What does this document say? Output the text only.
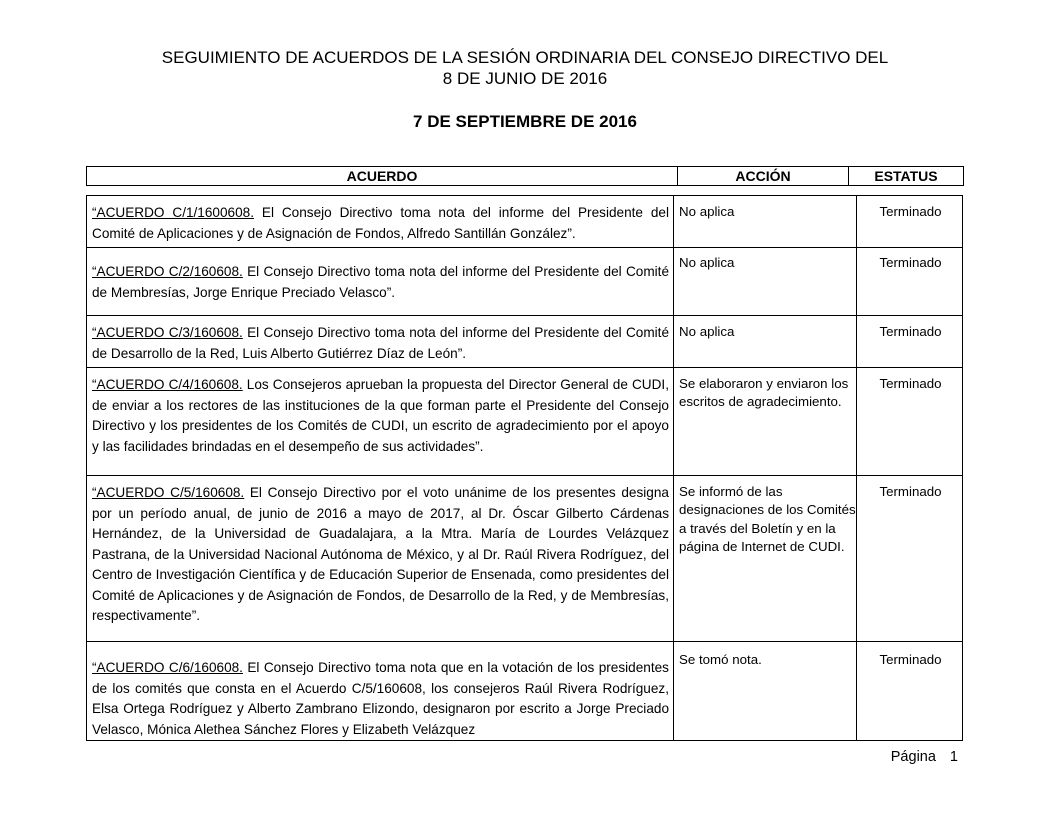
SEGUIMIENTO DE ACUERDOS DE LA SESIÓN ORDINARIA DEL CONSEJO DIRECTIVO DEL
8 DE JUNIO DE 2016
7 DE SEPTIEMBRE DE 2016
ACUERDO	ACCIÓN	ESTATUS
“ACUERDO C/1/1600608. El Consejo Directivo toma nota del informe del Presidente del Comité de Aplicaciones y de Asignación de Fondos, Alfredo Santillán González”.
No aplica	Terminado
“ACUERDO C/2/160608. El Consejo Directivo toma nota del informe del Presidente del Comité de Membresías, Jorge Enrique Preciado Velasco”.
No aplica	Terminado
“ACUERDO C/3/160608. El Consejo Directivo toma nota del informe del Presidente del Comité de Desarrollo de la Red, Luis Alberto Gutiérrez Díaz de León”.
No aplica	Terminado
“ACUERDO C/4/160608. Los Consejeros aprueban la propuesta del Director General de CUDI, de enviar a los rectores de las instituciones de la que forman parte el Presidente del Consejo Directivo y los presidentes de los Comités de CUDI, un escrito de agradecimiento por el apoyo y las facilidades brindadas en el desempeño de sus actividades”.
Se elaboraron y enviaron los escritos de agradecimiento.
Terminado
“ACUERDO C/5/160608. El Consejo Directivo por el voto unánime de los presentes designa por un período anual, de junio de 2016 a mayo de 2017, al Dr. Óscar Gilberto Cárdenas Hernández, de la Universidad de Guadalajara, a la Mtra. María de Lourdes Velázquez Pastrana, de la Universidad Nacional Autónoma de México, y al Dr. Raúl Rivera Rodríguez, del Centro de Investigación Científica y de Educación Superior de Ensenada, como presidentes del Comité de Aplicaciones y de Asignación de Fondos, de Desarrollo de la Red, y de Membresías, respectivamente”.
Se informó de las designaciones de los Comités a través del Boletín y en la página de Internet de CUDI.
Terminado
“ACUERDO C/6/160608. El Consejo Directivo toma nota que en la votación de los presidentes de los comités que consta en el Acuerdo C/5/160608, los consejeros Raúl Rivera Rodríguez, Elsa Ortega Rodríguez y Alberto Zambrano Elizondo, designaron por escrito a Jorge Preciado Velasco, Mónica Alethea Sánchez Flores y Elizabeth Velázquez
Se tomó nota.	Terminado
Página 1
